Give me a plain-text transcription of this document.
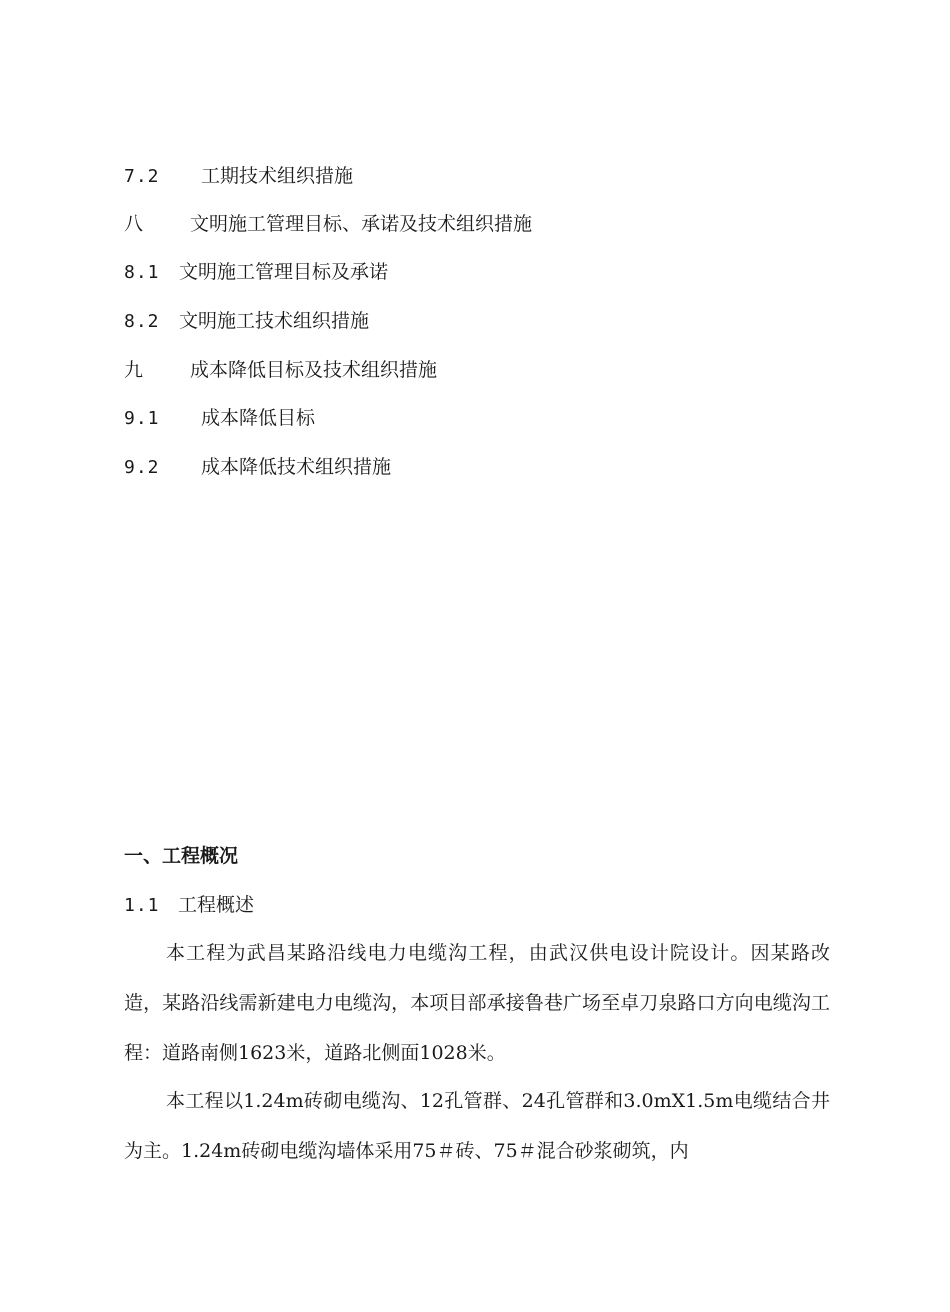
7.2 工期技术组织措施
八 文明施工管理目标、承诺及技术组织措施
8.1 文明施工管理目标及承诺
8.2 文明施工技术组织措施
九 成本降低目标及技术组织措施
9.1 成本降低目标
9.2 成本降低技术组织措施
一、工程概况
1.1 工程概述
本工程为武昌某路沿线电力电缆沟工程，由武汉供电设计院设计。因某路改造，某路沿线需新建电力电缆沟，本项目部承接鲁巷广场至卓刀泉路口方向电缆沟工程：道路南侧1623米，道路北侧面1028米。
本工程以1.24m砖砌电缆沟、12孔管群、24孔管群和3.0mX1.5m电缆结合井为主。1.24m砖砌电缆沟墙体采用75＃砖、75＃混合砂浆砌筑，内
